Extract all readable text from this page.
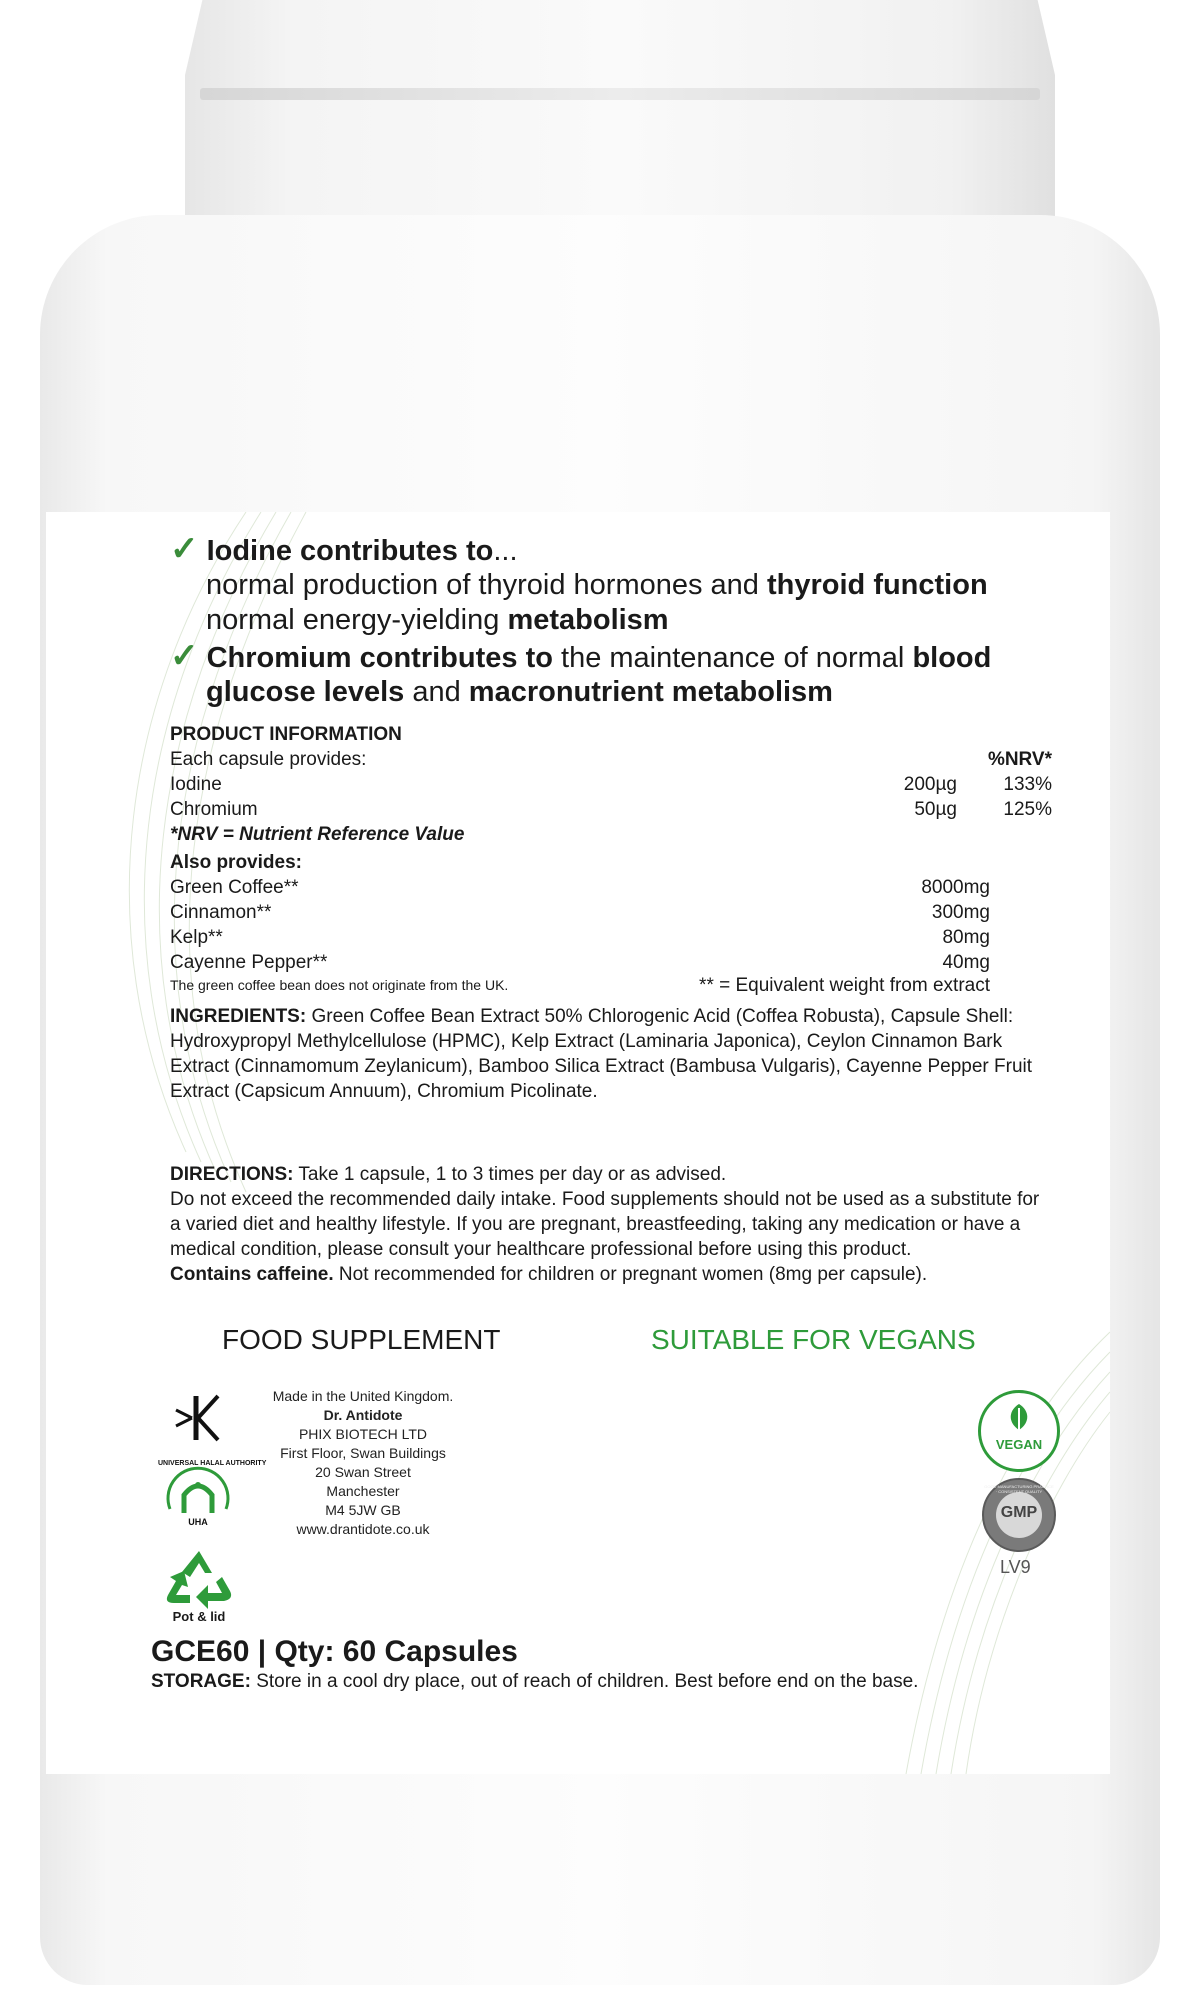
✓ Iodine contributes to...
normal production of thyroid hormones and thyroid function
normal energy-yielding metabolism
✓ Chromium contributes to the maintenance of normal blood
glucose levels and macronutrient metabolism
PRODUCT INFORMATION
Each capsule provides:	%NRV*
Iodine	200µg 133%
Chromium	50µg 125%
*NRV = Nutrient Reference Value
Also provides:
Green Coffee**	8000mg
Cinnamon**	300mg
Kelp**	80mg
Cayenne Pepper**	40mg
The green coffee bean does not originate from the UK.	** = Equivalent weight from extract
INGREDIENTS: Green Coffee Bean Extract 50% Chlorogenic Acid (Coffea Robusta), Capsule Shell: Hydroxypropyl Methylcellulose (HPMC), Kelp Extract (Laminaria Japonica), Ceylon Cinnamon Bark Extract (Cinnamomum Zeylanicum), Bamboo Silica Extract (Bambusa Vulgaris), Cayenne Pepper Fruit Extract (Capsicum Annuum), Chromium Picolinate.
DIRECTIONS: Take 1 capsule, 1 to 3 times per day or as advised.
Do not exceed the recommended daily intake. Food supplements should not be used as a substitute for a varied diet and healthy lifestyle. If you are pregnant, breastfeeding, taking any medication or have a medical condition, please consult your healthcare professional before using this product.
Contains caffeine. Not recommended for children or pregnant women (8mg per capsule).
FOOD SUPPLEMENT	SUITABLE FOR VEGANS
UNIVERSAL HALAL AUTHORITY
UHA
Pot & lid
Made in the United Kingdom.
Dr. Antidote
PHIX BIOTECH LTD
First Floor, Swan Buildings
20 Swan Street
Manchester
M4 5JW GB
www.drantidote.co.uk
VEGAN
GMP
GOOD MANUFACTURING PRACTICE · CONSISTENT QUALITY
LV9
GCE60 | Qty: 60 Capsules
STORAGE: Store in a cool dry place, out of reach of children. Best before end on the base.
